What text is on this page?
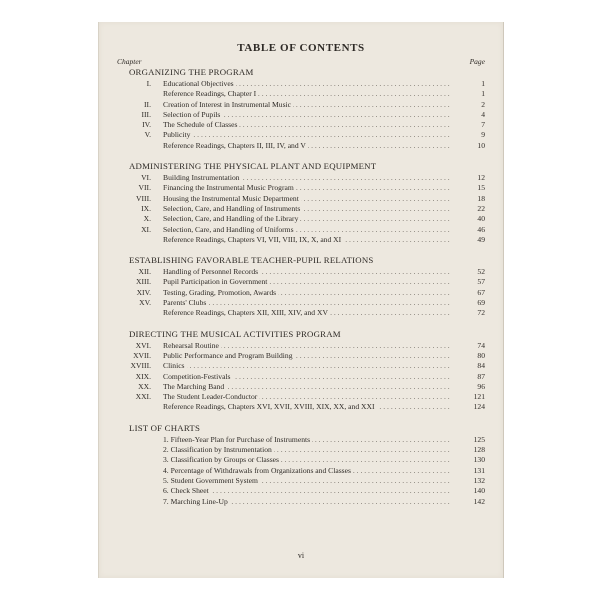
TABLE OF CONTENTS
Chapter	Page
ORGANIZING THE PROGRAM
I. Educational Objectives . . .	1
Reference Readings, Chapter I . . .	1
II. Creation of Interest in Instrumental Music . . .	2
III. Selection of Pupils . . .	4
IV. The Schedule of Classes . . .	7
V. Publicity . . .	9
Reference Readings, Chapters II, III, IV, and V . . .	10
ADMINISTERING THE PHYSICAL PLANT AND EQUIPMENT
VI. Building Instrumentation . . .	12
VII. Financing the Instrumental Music Program . . .	15
VIII. Housing the Instrumental Music Department . . .	18
IX. Selection, Care, and Handling of Instruments . . .	22
X. Selection, Care, and Handling of the Library . . .	40
XI. Selection, Care, and Handling of Uniforms . . .	46
Reference Readings, Chapters VI, VII, VIII, IX, X, and XI . . .	49
ESTABLISHING FAVORABLE TEACHER-PUPIL RELATIONS
XII. Handling of Personnel Records . . .	52
XIII. Pupil Participation in Government . . .	57
XIV. Testing, Grading, Promotion, Awards . . .	67
XV. Parents' Clubs . . .	69
Reference Readings, Chapters XII, XIII, XIV, and XV . . .	72
DIRECTING THE MUSICAL ACTIVITIES PROGRAM
XVI. Rehearsal Routine . . .	74
XVII. Public Performance and Program Building . . .	80
XVIII. Clinics . . .	84
XIX. Competition-Festivals . . .	87
XX. The Marching Band . . .	96
XXI. The Student Leader-Conductor . . .	121
Reference Readings, Chapters XVI, XVII, XVIII, XIX, XX, and XXI . . .	124
LIST OF CHARTS
1. Fifteen-Year Plan for Purchase of Instruments . . .	125
2. Classification by Instrumentation . . .	128
3. Classification by Groups or Classes . . .	130
4. Percentage of Withdrawals from Organizations and Classes . . .	131
5. Student Government System . . .	132
6. Check Sheet . . .	140
7. Marching Line-Up . . .	142
vi
